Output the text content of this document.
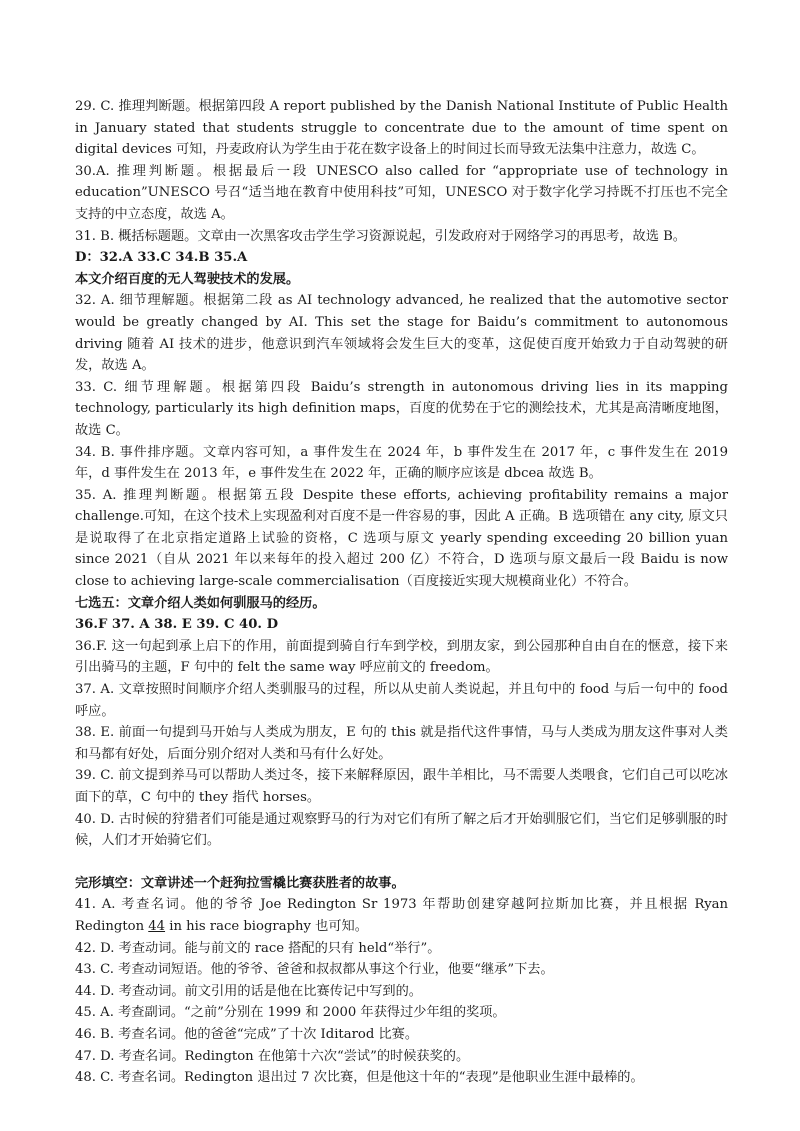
29. C. 推理判断题。根据第四段 A report published by the Danish National Institute of Public Health in January stated that students struggle to concentrate due to the amount of time spent on digital devices 可知，丹麦政府认为学生由于花在数字设备上的时间过长而导致无法集中注意力，故选 C。

30.A. 推理判断题。根据最后一段 UNESCO also called for “appropriate use of technology in education”UNESCO 号召“适当地在教育中使用科技”可知，UNESCO 对于数字化学习持既不打压也不完全支持的中立态度，故选 A。

31. B. 概括标题题。文章由一次黑客攻击学生学习资源说起，引发政府对于网络学习的再思考，故选 B。

D：32.A 33.C 34.B 35.A

本文介绍百度的无人驾驶技术的发展。

32. A. 细节理解题。根据第二段 as AI technology advanced, he realized that the automotive sector would be greatly changed by AI. This set the stage for Baidu’s commitment to autonomous driving 随着 AI 技术的进步，他意识到汽车领域将会发生巨大的变革，这促使百度开始致力于自动驾驶的研发，故选 A。

33. C. 细节理解题。根据第四段 Baidu’s strength in autonomous driving lies in its mapping technology, particularly its high definition maps，百度的优势在于它的测绘技术，尤其是高清晰度地图，故选 C。

34. B. 事件排序题。文章内容可知，a 事件发生在 2024 年，b 事件发生在 2017 年，c 事件发生在 2019 年，d 事件发生在 2013 年，e 事件发生在 2022 年，正确的顺序应该是 dbcea 故选 B。

35. A. 推理判断题。根据第五段 Despite these efforts, achieving profitability remains a major challenge.可知，在这个技术上实现盈利对百度不是一件容易的事，因此 A 正确。B 选项错在 any city, 原文只是说取得了在北京指定道路上试验的资格，C 选项与原文 yearly spending exceeding 20 billion yuan since 2021（自从 2021 年以来每年的投入超过 200 亿）不符合，D 选项与原文最后一段 Baidu is now close to achieving large-scale commercialisation（百度接近实现大规模商业化）不符合。

七选五：文章介绍人类如何驯服马的经历。

36.F 37. A 38. E 39. C 40. D

36.F. 这一句起到承上启下的作用，前面提到骑自行车到学校，到朋友家，到公园那种自由自在的惬意，接下来引出骑马的主题，F 句中的 felt the same way 呼应前文的 freedom。

37. A. 文章按照时间顺序介绍人类驯服马的过程，所以从史前人类说起，并且句中的 food 与后一句中的 food 呼应。

38. E. 前面一句提到马开始与人类成为朋友，E 句的 this 就是指代这件事情，马与人类成为朋友这件事对人类和马都有好处，后面分别介绍对人类和马有什么好处。

39. C. 前文提到养马可以帮助人类过冬，接下来解释原因，跟牛羊相比，马不需要人类喂食，它们自己可以吃冰面下的草，C 句中的 they 指代 horses。

40. D. 古时候的狩猎者们可能是通过观察野马的行为对它们有所了解之后才开始驯服它们，当它们足够驯服的时候，人们才开始骑它们。

完形填空：文章讲述一个赶狗拉雪橇比赛获胜者的故事。

41. A. 考查名词。他的爷爷 Joe Redington Sr 1973 年帮助创建穿越阿拉斯加比赛，并且根据 Ryan Redington 44 in his race biography 也可知。

42. D. 考查动词。能与前文的 race 搭配的只有 held“举行”。

43. C. 考查动词短语。他的爷爷、爸爸和叔叔都从事这个行业，他要“继承”下去。

44. D. 考查动词。前文引用的话是他在比赛传记中写到的。

45. A. 考查副词。“之前”分别在 1999 和 2000 年获得过少年组的奖项。

46. B. 考查名词。他的爸爸“完成”了十次 Iditarod 比赛。

47. D. 考查名词。Redington 在他第十六次“尝试”的时候获奖的。

48. C. 考查名词。Redington 退出过 7 次比赛，但是他这十年的“表现”是他职业生涯中最棒的。
